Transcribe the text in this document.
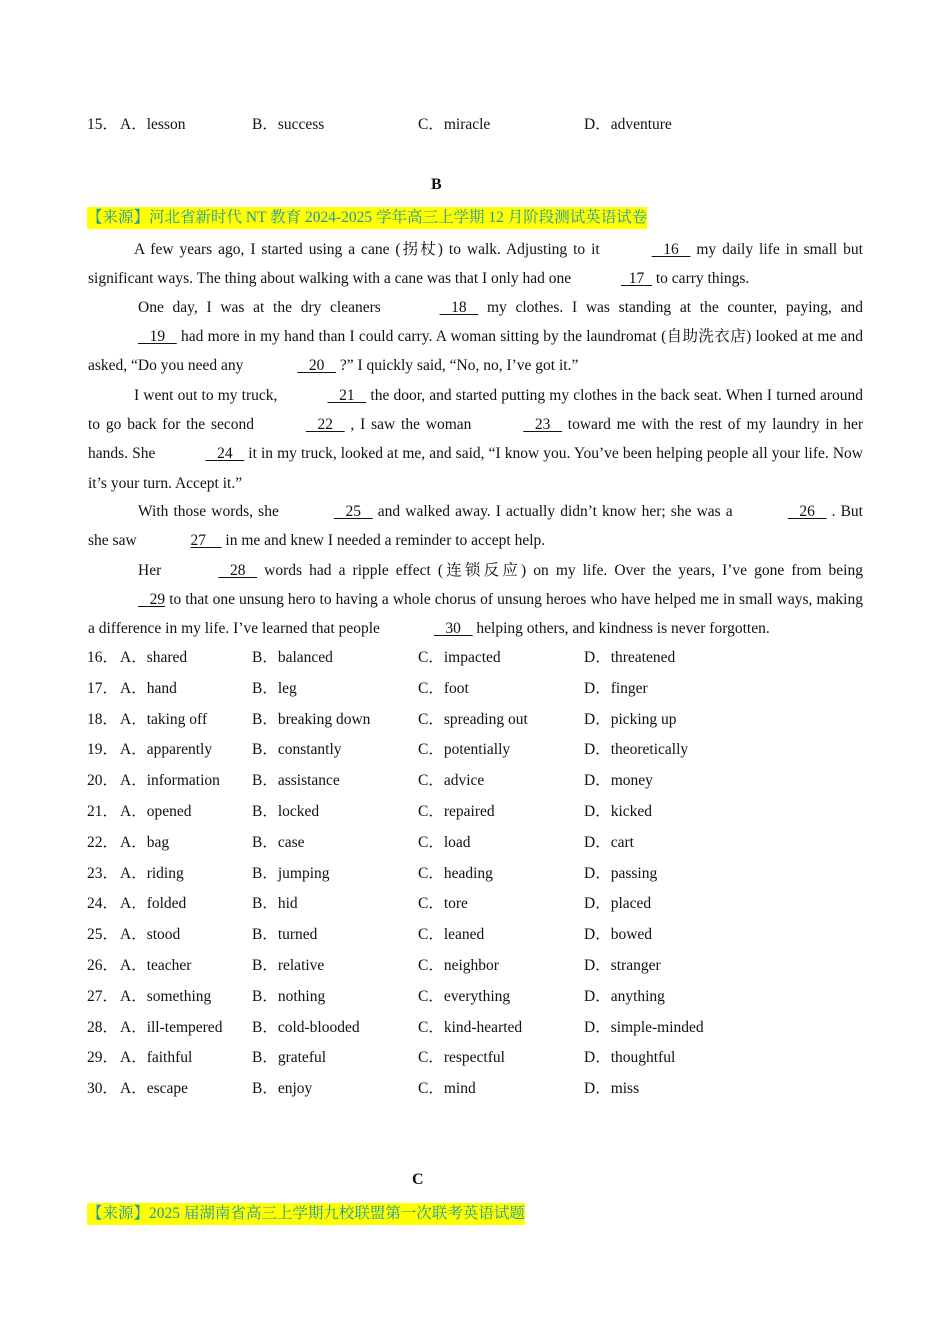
15． A．lesson	B．success	C．miracle	D．adventure
B
【来源】河北省新时代 NT 教育 2024-2025 学年高三上学期 12 月阶段测试英语试卷
A few years ago, I started using a cane (拐杖) to walk. Adjusting to it	16    my daily life in small but significant ways. The thing about walking with a cane was that I only had one	17   to carry things.
One day, I was at the dry cleaners	18    my clothes. I was standing at the counter, paying, and    19    had more in my hand than I could carry. A woman sitting by the laundromat (自助洗衣店) looked at me and asked, “Do you need any	20    ?” I quickly said, “No, no, I’ve got it.”
I went out to my truck,	21    the door, and started putting my clothes in the back seat. When I turned around to go back for the second	22    , I saw the woman	23    toward me with the rest of my laundry in her hands. She	24    it in my truck, looked at me, and said, “I know you. You’ve been helping people all your life. Now it’s your turn. Accept it.”
With those words, she	25    and walked away. I actually didn’t know her; she was a	26    . But she saw	27     in me and knew I needed a reminder to accept help.
Her	28    words had a ripple effect (连锁反应) on my life. Over the years, I’ve gone from being    29 to that one unsung hero to having a whole chorus of unsung heroes who have helped me in small ways, making a difference in my life. I’ve learned that people	30    helping others, and kindness is never forgotten.
16． A．shared	B．balanced	C．impacted	D．threatened
17． A．hand	B．leg	C．foot	D．finger
18． A．taking off	B．breaking down	C．spreading out	D．picking up
19． A．apparently	B．constantly	C．potentially	D．theoretically
20． A．information B．assistance	C．advice	D．money
21． A．opened	B．locked	C．repaired	D．kicked
22． A．bag	B．case	C．load	D．cart
23． A．riding	B．jumping	C．heading	D．passing
24． A．folded	B．hid	C．tore	D．placed
25． A．stood	B．turned	C．leaned	D．bowed
26． A．teacher	B．relative	C．neighbor	D．stranger
27． A．something	B．nothing	C．everything	D．anything
28． A．ill-tempered B．cold-blooded	C．kind-hearted	D．simple-minded
29． A．faithful	B．grateful	C．respectful	D．thoughtful
30． A．escape	B．enjoy	C．mind	D．miss
C
【来源】2025 届湖南省高三上学期九校联盟第一次联考英语试题
